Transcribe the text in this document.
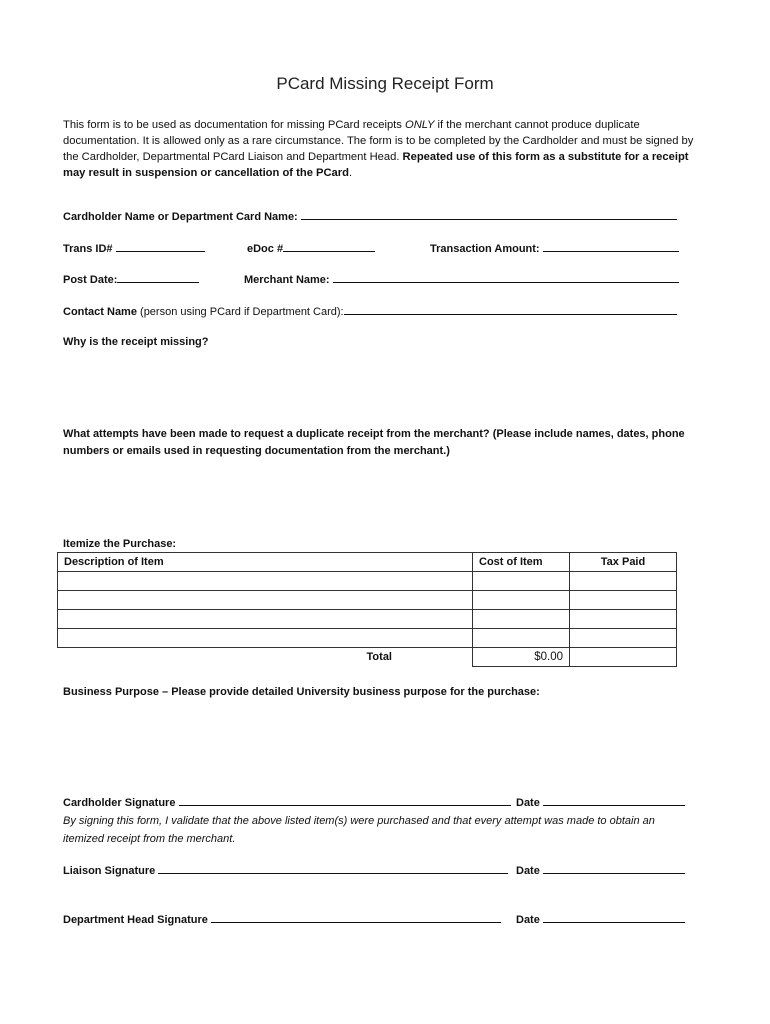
PCard Missing Receipt Form
This form is to be used as documentation for missing PCard receipts ONLY if the merchant cannot produce duplicate documentation. It is allowed only as a rare circumstance. The form is to be completed by the Cardholder and must be signed by the Cardholder, Departmental PCard Liaison and Department Head. Repeated use of this form as a substitute for a receipt may result in suspension or cancellation of the PCard.
Cardholder Name or Department Card Name:
Trans ID#	eDoc #	Transaction Amount:
Post Date:	Merchant Name:
Contact Name (person using PCard if Department Card):
Why is the receipt missing?
What attempts have been made to request a duplicate receipt from the merchant? (Please include names, dates, phone
numbers or emails used in requesting documentation from the merchant.)
Itemize the Purchase:
Description of Item	Cost of Item	Tax Paid

Total	$0.00	
Business Purpose – Please provide detailed University business purpose for the purchase:
Cardholder Signature	Date
By signing this form, I validate that the above listed item(s) were purchased and that every attempt was made to obtain an
itemized receipt from the merchant.
Liaison Signature	Date
Department Head Signature	Date
